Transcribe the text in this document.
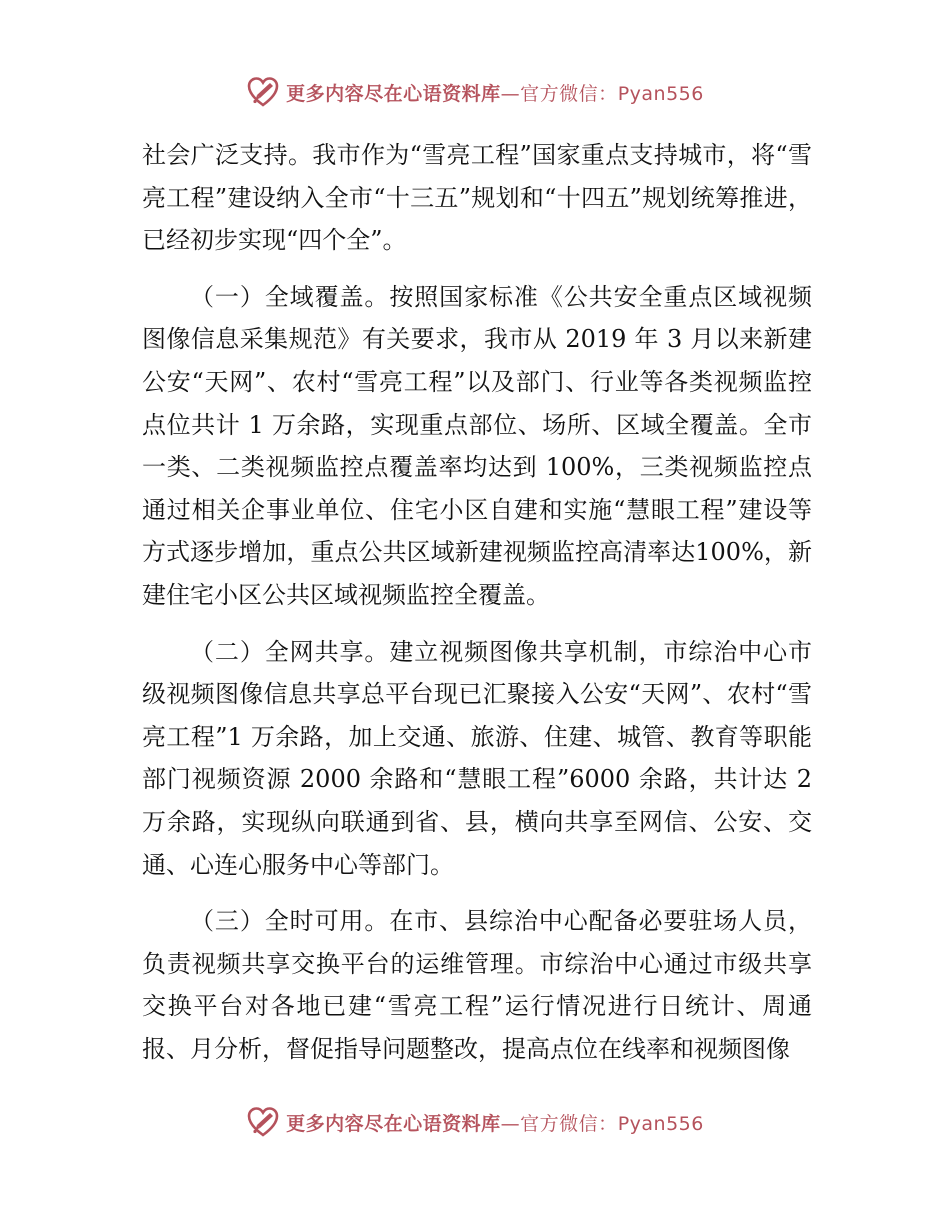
更多内容尽在心语资料库—官方微信：Pyan556

社会广泛支持。我市作为“雪亮工程”国家重点支持城市，将“雪亮工程”建设纳入全市“十三五”规划和“十四五”规划统筹推进，已经初步实现“四个全”。

（一）全域覆盖。按照国家标准《公共安全重点区域视频图像信息采集规范》有关要求，我市从 2019 年 3 月以来新建公安“天网”、农村“雪亮工程”以及部门、行业等各类视频监控点位共计 1 万余路，实现重点部位、场所、区域全覆盖。全市一类、二类视频监控点覆盖率均达到 100%，三类视频监控点通过相关企事业单位、住宅小区自建和实施“慧眼工程”建设等方式逐步增加，重点公共区域新建视频监控高清率达100%，新建住宅小区公共区域视频监控全覆盖。

（二）全网共享。建立视频图像共享机制，市综治中心市级视频图像信息共享总平台现已汇聚接入公安“天网”、农村“雪亮工程”1 万余路，加上交通、旅游、住建、城管、教育等职能部门视频资源 2000 余路和“慧眼工程”6000 余路，共计达 2 万余路，实现纵向联通到省、县，横向共享至网信、公安、交通、心连心服务中心等部门。

（三）全时可用。在市、县综治中心配备必要驻场人员，负责视频共享交换平台的运维管理。市综治中心通过市级共享交换平台对各地已建“雪亮工程”运行情况进行日统计、周通报、月分析，督促指导问题整改，提高点位在线率和视频图像

更多内容尽在心语资料库—官方微信：Pyan556
